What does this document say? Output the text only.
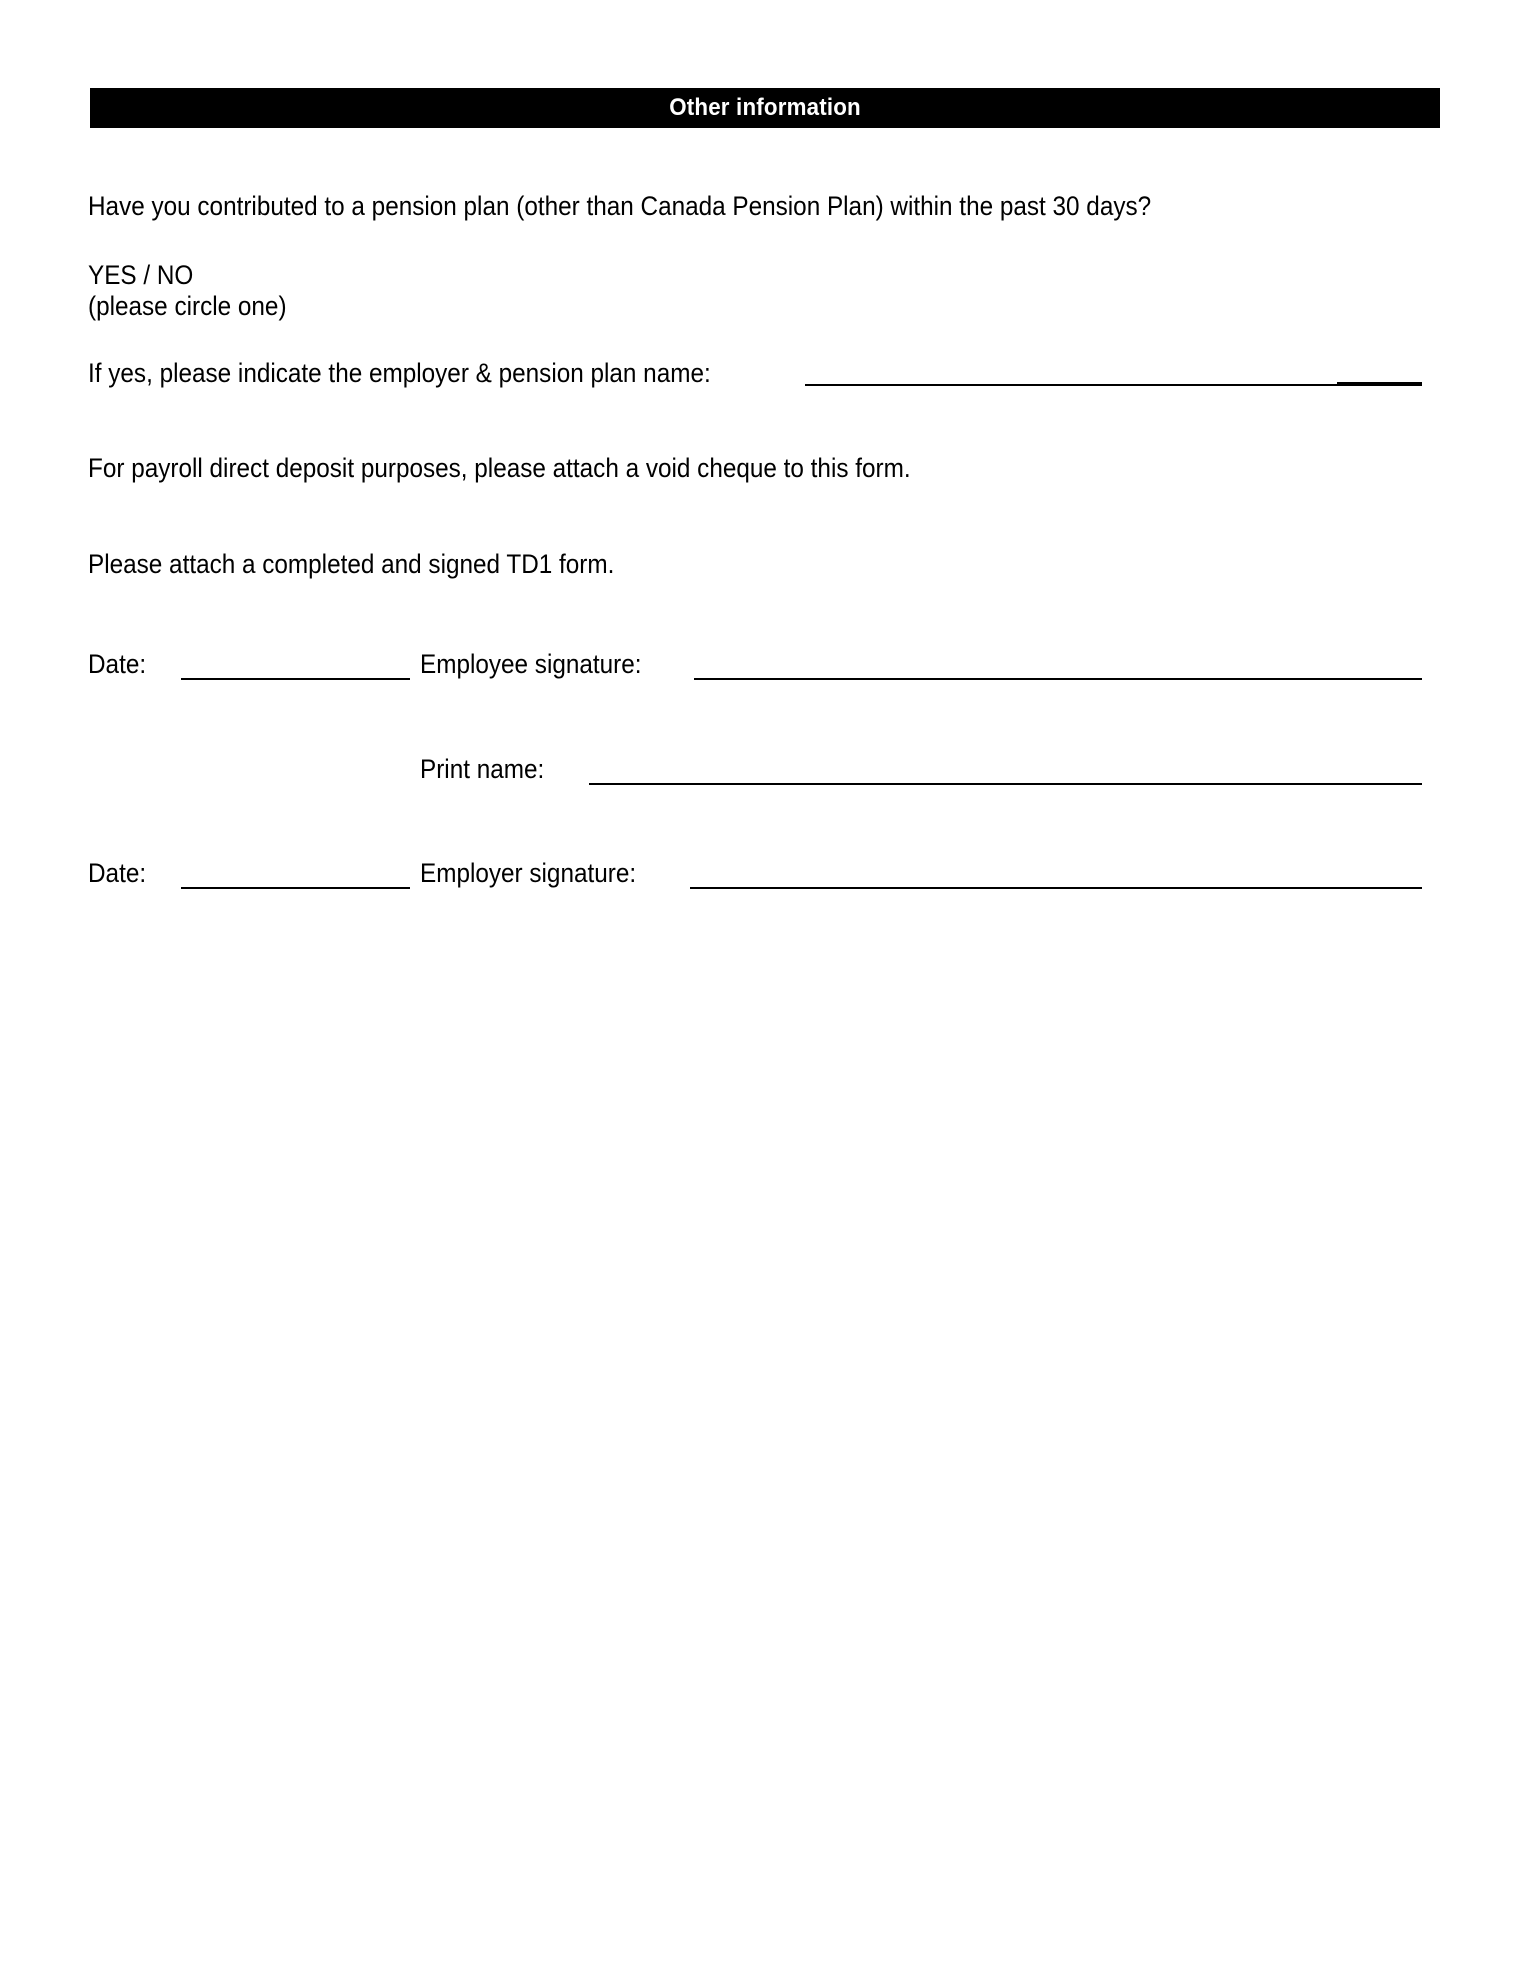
Other information
Have you contributed to a pension plan (other than Canada Pension Plan) within the past 30 days?
YES / NO
(please circle one)
If yes, please indicate the employer & pension plan name:
For payroll direct deposit purposes, please attach a void cheque to this form.
Please attach a completed and signed TD1 form.
Date:	Employee signature:
Print name:
Date:	Employer signature:
